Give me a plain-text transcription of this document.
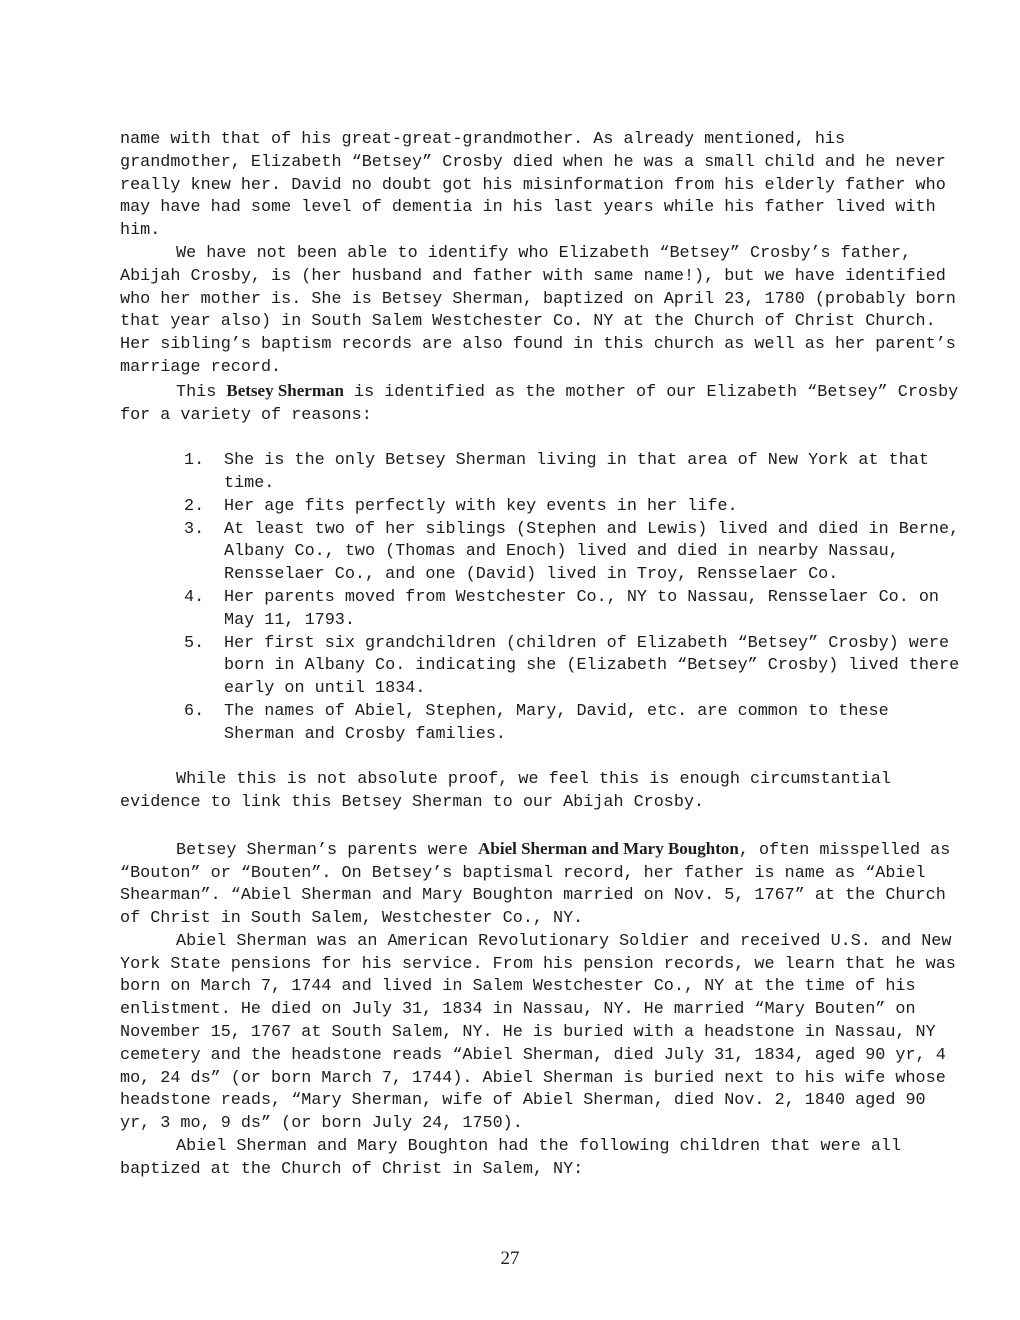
name with that of his great-great-grandmother. As already mentioned, his grandmother, Elizabeth “Betsey” Crosby died when he was a small child and he never really knew her. David no doubt got his misinformation from his elderly father who may have had some level of dementia in his last years while his father lived with him.

We have not been able to identify who Elizabeth “Betsey” Crosby’s father, Abijah Crosby, is (her husband and father with same name!), but we have identified who her mother is. She is Betsey Sherman, baptized on April 23, 1780 (probably born that year also) in South Salem Westchester Co. NY at the Church of Christ Church. Her sibling’s baptism records are also found in this church as well as her parent’s marriage record.

This Betsey Sherman is identified as the mother of our Elizabeth “Betsey” Crosby for a variety of reasons:

1. She is the only Betsey Sherman living in that area of New York at that time.
2. Her age fits perfectly with key events in her life.
3. At least two of her siblings (Stephen and Lewis) lived and died in Berne, Albany Co., two (Thomas and Enoch) lived and died in nearby Nassau, Rensselaer Co., and one (David) lived in Troy, Rensselaer Co.
4. Her parents moved from Westchester Co., NY to Nassau, Rensselaer Co. on May 11, 1793.
5. Her first six grandchildren (children of Elizabeth “Betsey” Crosby) were born in Albany Co. indicating she (Elizabeth “Betsey” Crosby) lived there early on until 1834.
6. The names of Abiel, Stephen, Mary, David, etc. are common to these Sherman and Crosby families.

While this is not absolute proof, we feel this is enough circumstantial evidence to link this Betsey Sherman to our Abijah Crosby.

Betsey Sherman’s parents were Abiel Sherman and Mary Boughton, often misspelled as “Bouton” or “Bouten”. On Betsey’s baptismal record, her father is name as “Abiel Shearman”. “Abiel Sherman and Mary Boughton married on Nov. 5, 1767” at the Church of Christ in South Salem, Westchester Co., NY.

Abiel Sherman was an American Revolutionary Soldier and received U.S. and New York State pensions for his service. From his pension records, we learn that he was born on March 7, 1744 and lived in Salem Westchester Co., NY at the time of his enlistment. He died on July 31, 1834 in Nassau, NY. He married “Mary Bouten” on November 15, 1767 at South Salem, NY. He is buried with a headstone in Nassau, NY cemetery and the headstone reads “Abiel Sherman, died July 31, 1834, aged 90 yr, 4 mo, 24 ds” (or born March 7, 1744). Abiel Sherman is buried next to his wife whose headstone reads, “Mary Sherman, wife of Abiel Sherman, died Nov. 2, 1840 aged 90 yr, 3 mo, 9 ds” (or born July 24, 1750).

Abiel Sherman and Mary Boughton had the following children that were all baptized at the Church of Christ in Salem, NY:

27
